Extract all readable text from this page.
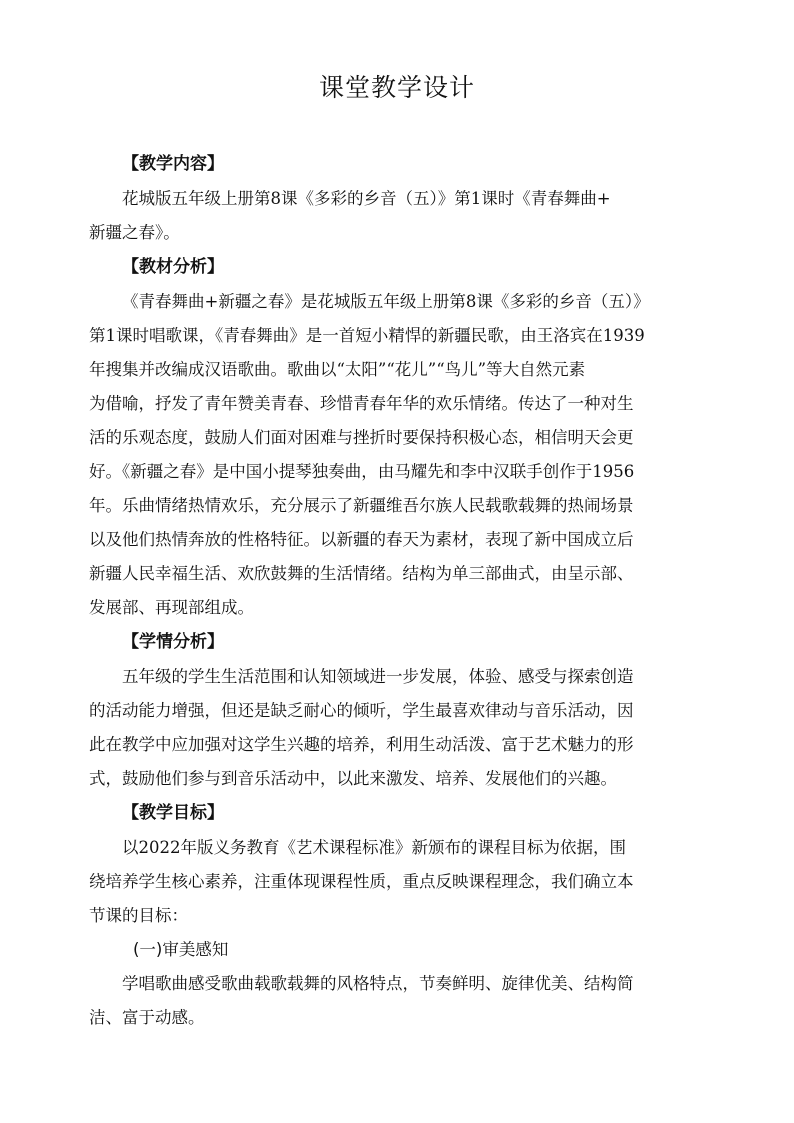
课堂教学设计

【教学内容】

花城版五年级上册第8课《多彩的乡音（五）》第1课时《青春舞曲+
新疆之春》。

【教材分析】

《青春舞曲+新疆之春》是花城版五年级上册第8课《多彩的乡音（五）》
第1课时唱歌课，《青春舞曲》是一首短小精悍的新疆民歌，由王洛宾在1939
年搜集并改编成汉语歌曲。歌曲以“太阳”“花儿”“鸟儿”等大自然元素
为借喻，抒发了青年赞美青春、珍惜青春年华的欢乐情绪。传达了一种对生
活的乐观态度，鼓励人们面对困难与挫折时要保持积极心态，相信明天会更
好。《新疆之春》是中国小提琴独奏曲，由马耀先和李中汉联手创作于1956
年。乐曲情绪热情欢乐，充分展示了新疆维吾尔族人民载歌载舞的热闹场景
以及他们热情奔放的性格特征。以新疆的春天为素材，表现了新中国成立后
新疆人民幸福生活、欢欣鼓舞的生活情绪。结构为单三部曲式，由呈示部、
发展部、再现部组成。

【学情分析】

五年级的学生生活范围和认知领域进一步发展，体验、感受与探索创造
的活动能力增强，但还是缺乏耐心的倾听，学生最喜欢律动与音乐活动，因
此在教学中应加强对这学生兴趣的培养，利用生动活泼、富于艺术魅力的形
式，鼓励他们参与到音乐活动中，以此来激发、培养、发展他们的兴趣。

【教学目标】

以2022年版义务教育《艺术课程标准》新颁布的课程目标为依据，围
绕培养学生核心素养，注重体现课程性质，重点反映课程理念，我们确立本
节课的目标：

(一)审美感知

学唱歌曲感受歌曲载歌载舞的风格特点，节奏鲜明、旋律优美、结构简
洁、富于动感。
